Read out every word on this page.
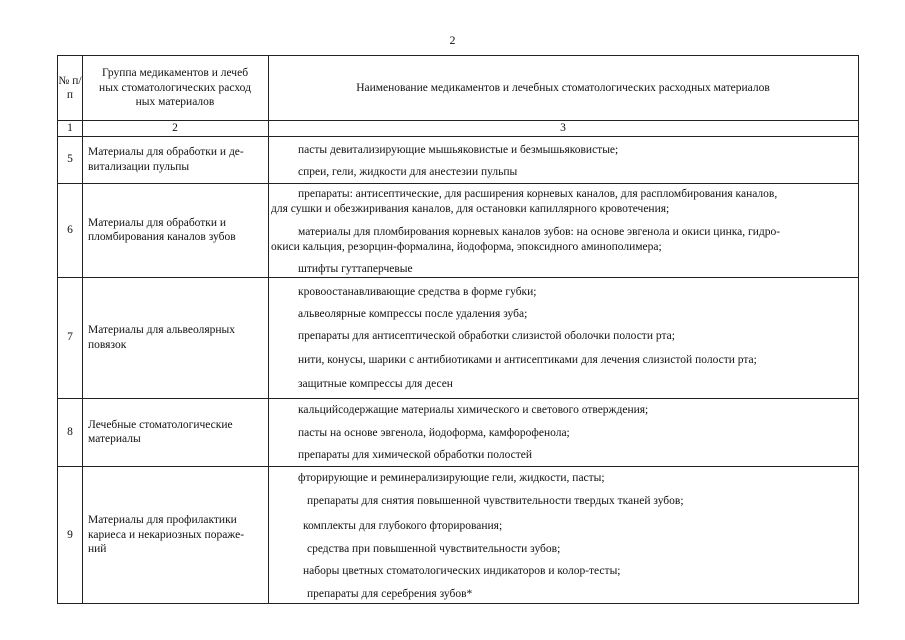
2
№ п/п
Группа медикаментов и лечеб
ных стоматологических расход
ных материалов
Наименование медикаментов и лечебных стоматологических расходных материалов
1	2	3
5
Материалы для обработки и де-
витализации пульпы
пасты девитализирующие мышьяковистые и безмышьяковистые;
спреи, гели, жидкости для анестезии пульпы
6
Материалы для обработки и
пломбирования каналов зубов
препараты: антисептические, для расширения корневых каналов, для распломбирования каналов,
для сушки и обезжиривания каналов, для остановки капиллярного кровотечения;
материалы для пломбирования корневых каналов зубов: на основе эвгенола и окиси цинка, гидро-
окиси кальция, резорцин-формалина, йодоформа, эпоксидного аминополимера;
штифты гуттаперчевые
7
Материалы для альвеолярных
повязок
кровоостанавливающие средства в форме губки;
альвеолярные компрессы после удаления зуба;
препараты для антисептической обработки слизистой оболочки полости рта;
нити, конусы, шарики с антибиотиками и антисептиками для лечения слизистой полости рта;
защитные компрессы для десен
8
Лечебные стоматологические
материалы
кальцийсодержащие материалы химического и светового отверждения;
пасты на основе эвгенола, йодоформа, камфорофенола;
препараты для химической обработки полостей
9
Материалы для профилактики
кариеса и некариозных пораже-
ний
фторирующие и реминерализирующие гели, жидкости, пасты;
препараты для снятия повышенной чувствительности твердых тканей зубов;
комплекты для глубокого фторирования;
средства при повышенной чувствительности зубов;
наборы цветных стоматологических индикаторов и колор-тесты;
препараты для серебрения зубов*
